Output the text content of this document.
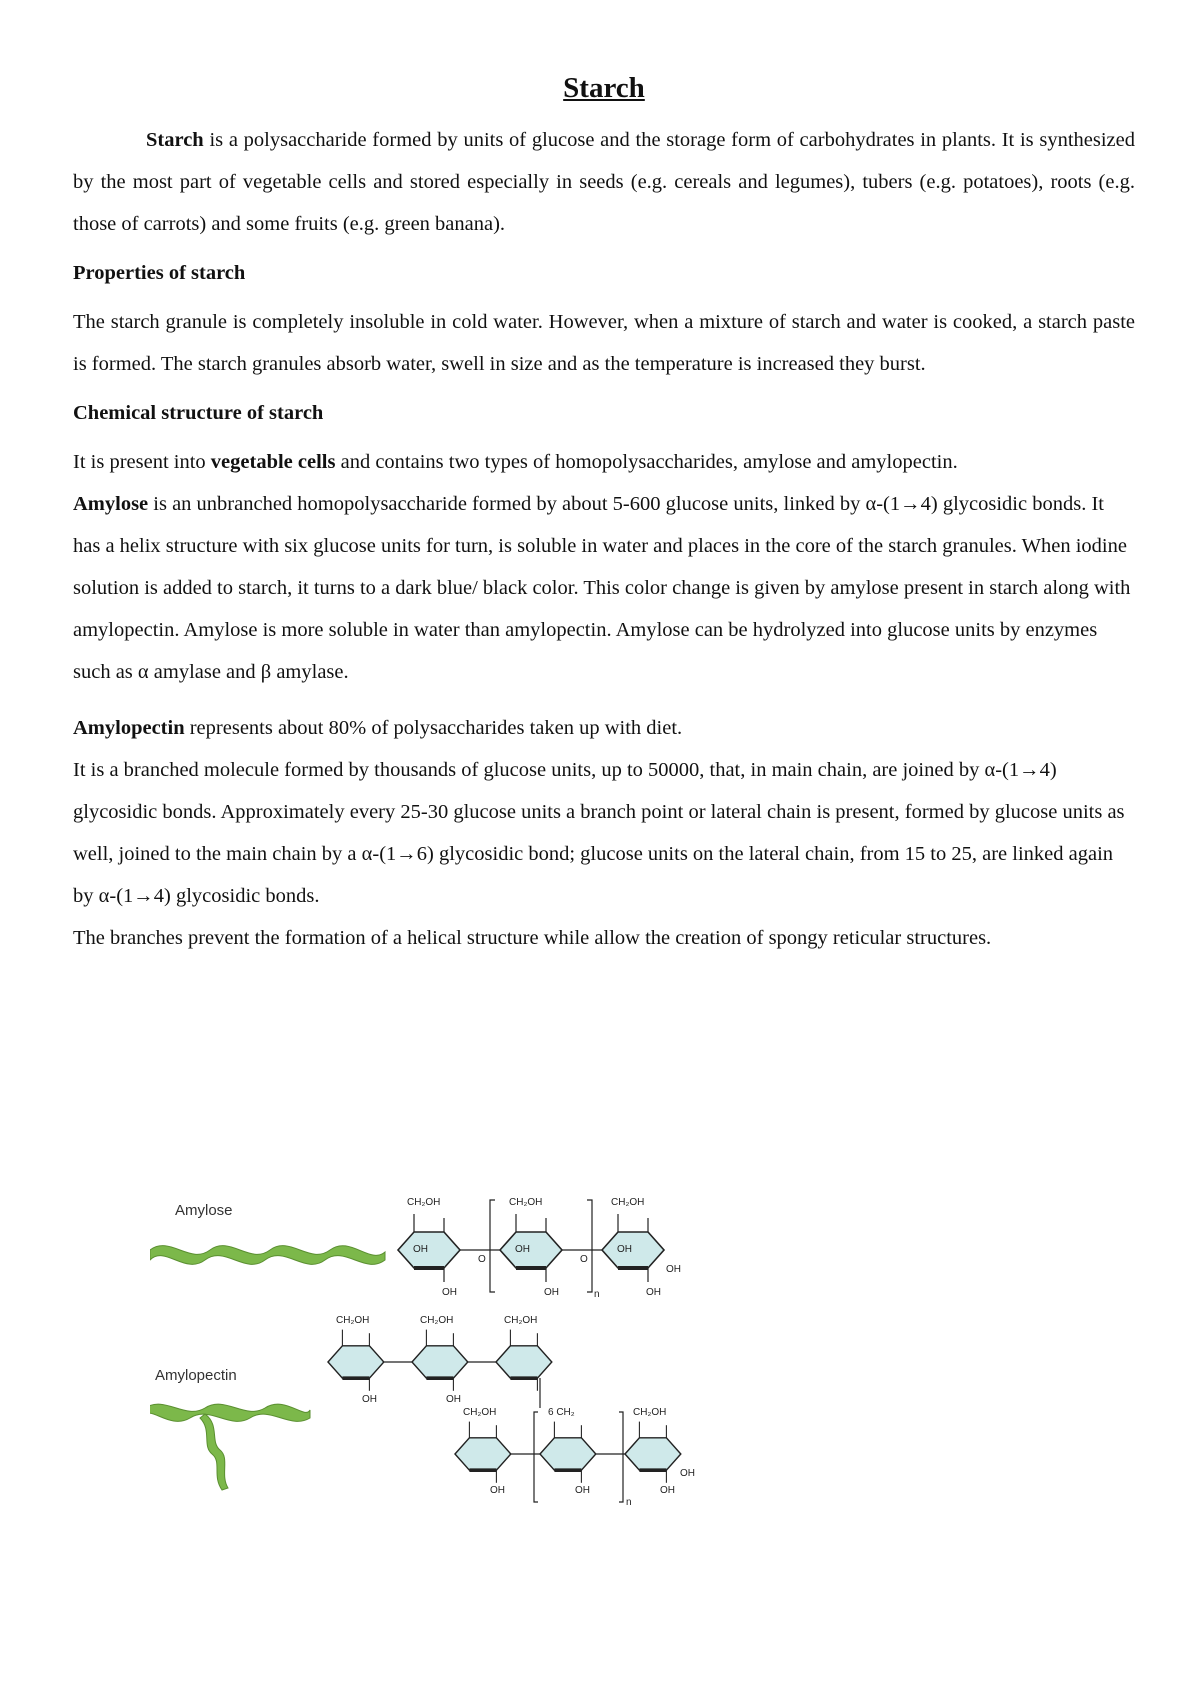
Starch

Starch is a polysaccharide formed by units of glucose and the storage form of carbohydrates in plants. It is synthesized by the most part of vegetable cells and stored especially in seeds (e.g. cereals and legumes), tubers (e.g. potatoes), roots (e.g. those of carrots) and some fruits (e.g. green banana).

Properties of starch

The starch granule is completely insoluble in cold water. However, when a mixture of starch and water is cooked, a starch paste is formed. The starch granules absorb water, swell in size and as the temperature is increased they burst.

Chemical structure of starch

It is present into vegetable cells and contains two types of homopolysaccharides, amylose and amylopectin.

Amylose is an unbranched homopolysaccharide formed by about 5-600 glucose units, linked by α-(1→4) glycosidic bonds. It has a helix structure with six glucose units for turn, is soluble in water and places in the core of the starch granules. When iodine solution is added to starch, it turns to a dark blue/ black color. This color change is given by amylose present in starch along with amylopectin. Amylose is more soluble in water than amylopectin. Amylose can be hydrolyzed into glucose units by enzymes such as α amylase and β amylase.

Amylopectin represents about 80% of polysaccharides taken up with diet.

It is a branched molecule formed by thousands of glucose units, up to 50000, that, in main chain, are joined by α-(1→4) glycosidic bonds. Approximately every 25-30 glucose units a branch point or lateral chain is present, formed by glucose units as well, joined to the main chain by a α-(1→6) glycosidic bond; glucose units on the lateral chain, from 15 to 25, are linked again by α-(1→4) glycosidic bonds.

The branches prevent the formation of a helical structure while allow the creation of spongy reticular structures.

Amylose	CH₂OH	CH₂OH	CH₂OH
OH	OH	OH
OH	OH	OH
OH
O	O
n
Amylopectin
CH₂OH	CH₂OH	CH₂OH
OH	OH
CH₂OH	6 CH₂	CH₂OH
OH	OH	OH
OH
n
